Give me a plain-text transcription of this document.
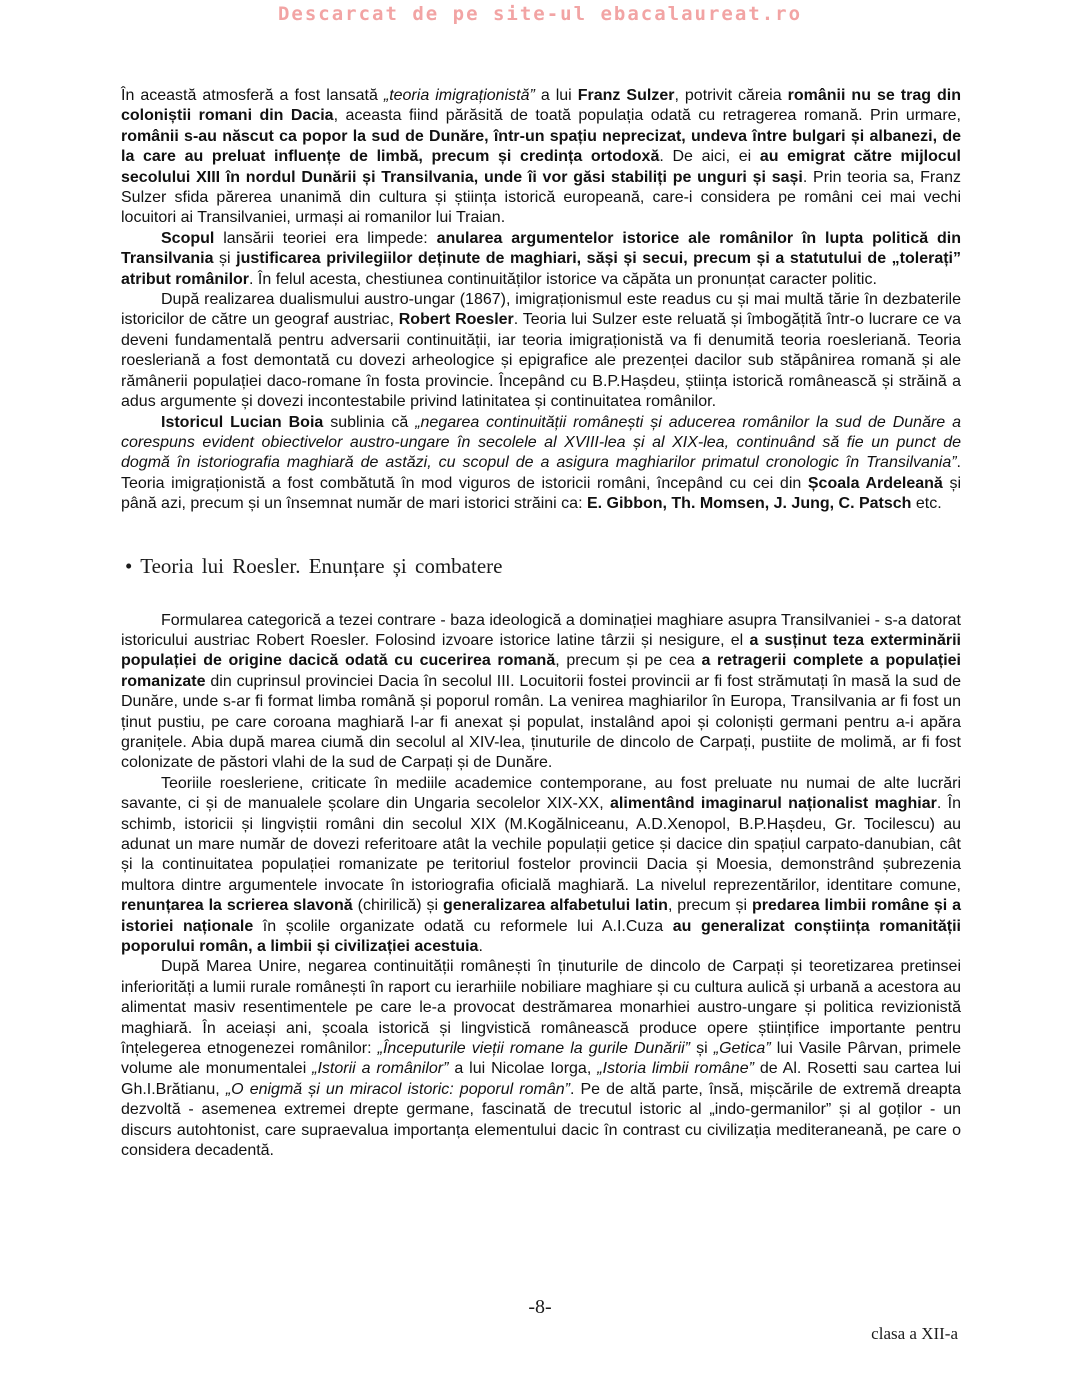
Descarcat de pe site-ul ebacalaureat.ro

În această atmosferă a fost lansată „teoria imigraționistă” a lui Franz Sulzer, potrivit căreia românii nu se trag din coloniștii romani din Dacia, aceasta fiind părăsită de toată populația odată cu retragerea romană. Prin urmare, românii s-au născut ca popor la sud de Dunăre, într-un spațiu neprecizat, undeva între bulgari și albanezi, de la care au preluat influențe de limbă, precum și credința ortodoxă. De aici, ei au emigrat către mijlocul secolului XIII în nordul Dunării și Transilvania, unde îi vor găsi stabiliți pe unguri și sași. Prin teoria sa, Franz Sulzer sfida părerea unanimă din cultura și știința istorică europeană, care-i considera pe români cei mai vechi locuitori ai Transilvaniei, urmași ai romanilor lui Traian.

Scopul lansării teoriei era limpede: anularea argumentelor istorice ale românilor în lupta politică din Transilvania și justificarea privilegiilor deținute de maghiari, săși și secui, precum și a statutului de „tolerați” atribut românilor. În felul acesta, chestiunea continuităților istorice va căpăta un pronunțat caracter politic.

După realizarea dualismului austro-ungar (1867), imigraționismul este readus cu și mai multă tărie în dezbaterile istoricilor de către un geograf austriac, Robert Roesler. Teoria lui Sulzer este reluată și îmbogățită într-o lucrare ce va deveni fundamentală pentru adversarii continuității, iar teoria imigraționistă va fi denumită teoria roesleriană. Teoria roesleriană a fost demontată cu dovezi arheologice și epigrafice ale prezenței dacilor sub stăpânirea romană și ale rămânerii populației daco-romane în fosta provincie. Începând cu B.P.Hașdeu, știința istorică românească și străină a adus argumente și dovezi incontestabile privind latinitatea și continuitatea românilor.

Istoricul Lucian Boia sublinia că „negarea continuității românești și aducerea românilor la sud de Dunăre a corespuns evident obiectivelor austro-ungare în secolele al XVIII-lea și al XIX-lea, continuând să fie un punct de dogmă în istoriografia maghiară de astăzi, cu scopul de a asigura maghiarilor primatul cronologic în Transilvania”. Teoria imigraționistă a fost combătută în mod viguros de istoricii români, începând cu cei din Școala Ardeleană și până azi, precum și un însemnat număr de mari istorici străini ca: E. Gibbon, Th. Momsen, J. Jung, C. Patsch etc.

• Teoria lui Roesler. Enunțare și combatere

Formularea categorică a tezei contrare - baza ideologică a dominației maghiare asupra Transilvaniei - s-a datorat istoricului austriac Robert Roesler. Folosind izvoare istorice latine târzii și nesigure, el a susținut teza exterminării populației de origine dacică odată cu cucerirea romană, precum și pe cea a retragerii complete a populației romanizate din cuprinsul provinciei Dacia în secolul III. Locuitorii fostei provincii ar fi fost strămutați în masă la sud de Dunăre, unde s-ar fi format limba română și poporul român. La venirea maghiarilor în Europa, Transilvania ar fi fost un ținut pustiu, pe care coroana maghiară l-ar fi anexat și populat, instalând apoi și coloniști germani pentru a-i apăra granițele. Abia după marea ciumă din secolul al XIV-lea, ținuturile de dincolo de Carpați, pustiite de molimă, ar fi fost colonizate de păstori vlahi de la sud de Carpați și de Dunăre.

Teoriile roesleriene, criticate în mediile academice contemporane, au fost preluate nu numai de alte lucrări savante, ci și de manualele școlare din Ungaria secolelor XIX-XX, alimentând imaginarul naționalist maghiar. În schimb, istoricii și lingviștii români din secolul XIX (M.Kogălniceanu, A.D.Xenopol, B.P.Hașdeu, Gr. Tocilescu) au adunat un mare număr de dovezi referitoare atât la vechile populații getice și dacice din spațiul carpato-danubian, cât și la continuitatea populației romanizate pe teritoriul fostelor provincii Dacia și Moesia, demonstrând șubrezenia multora dintre argumentele invocate în istoriografia oficială maghiară. La nivelul reprezentărilor, identitare comune, renunțarea la scrierea slavonă (chirilică) și generalizarea alfabetului latin, precum și predarea limbii române și a istoriei naționale în școlile organizate odată cu reformele lui A.I.Cuza au generalizat conștiința romanității poporului român, a limbii și civilizației acestuia.

După Marea Unire, negarea continuității românești în ținuturile de dincolo de Carpați și teoretizarea pretinsei inferiorități a lumii rurale românești în raport cu ierarhiile nobiliare maghiare și cu cultura aulică și urbană a acestora au alimentat masiv resentimentele pe care le-a provocat destrămarea monarhiei austro-ungare și politica revizionistă maghiară. În aceiași ani, școala istorică și lingvistică românească produce opere științifice importante pentru înțelegerea etnogenezei românilor: „Începuturile vieții romane la gurile Dunării” și „Getica” lui Vasile Pârvan, primele volume ale monumentalei „Istorii a românilor” a lui Nicolae Iorga, „Istoria limbii române” de Al. Rosetti sau cartea lui Gh.I.Brătianu, „O enigmă și un miracol istoric: poporul român”. Pe de altă parte, însă, mișcările de extremă dreapta dezvoltă - asemenea extremei drepte germane, fascinată de trecutul istoric al „indo-germanilor” și al goților - un discurs autohtonist, care supraevalua importanța elementului dacic în contrast cu civilizația mediteraneană, pe care o considera decadentă.

-8-
clasa a XII-a
